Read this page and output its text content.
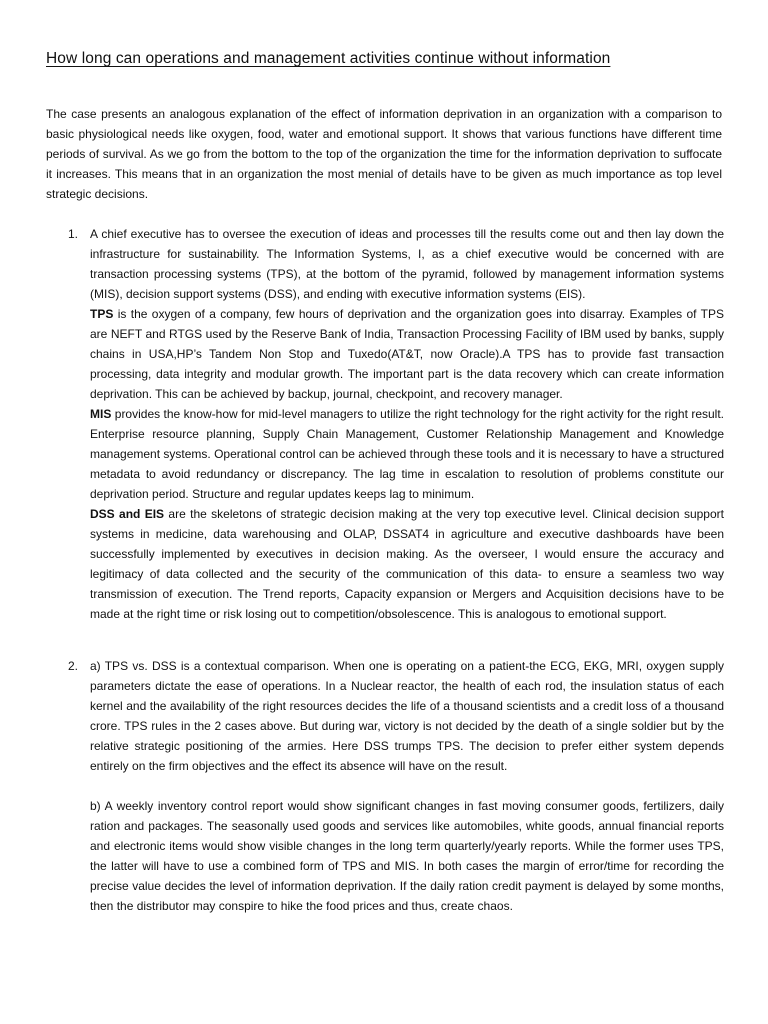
How long can operations and management activities continue without information
The case presents an analogous explanation of the effect of information deprivation in an organization with a comparison to basic physiological needs like oxygen, food, water and emotional support. It shows that various functions have different time periods of survival. As we go from the bottom to the top of the organization the time for the information deprivation to suffocate it increases. This means that in an organization the most menial of details have to be given as much importance as top level strategic decisions.
1. A chief executive has to oversee the execution of ideas and processes till the results come out and then lay down the infrastructure for sustainability. The Information Systems, I, as a chief executive would be concerned with are transaction processing systems (TPS), at the bottom of the pyramid, followed by management information systems (MIS), decision support systems (DSS), and ending with executive information systems (EIS).

TPS is the oxygen of a company, few hours of deprivation and the organization goes into disarray. Examples of TPS are NEFT and RTGS used by the Reserve Bank of India, Transaction Processing Facility of IBM used by banks, supply chains in USA,HP’s Tandem Non Stop and Tuxedo(AT&T, now Oracle).A TPS has to provide fast transaction processing, data integrity and modular growth. The important part is the data recovery which can create information deprivation. This can be achieved by backup, journal, checkpoint, and recovery manager.

MIS provides the know-how for mid-level managers to utilize the right technology for the right activity for the right result. Enterprise resource planning, Supply Chain Management, Customer Relationship Management and Knowledge management systems. Operational control can be achieved through these tools and it is necessary to have a structured metadata to avoid redundancy or discrepancy. The lag time in escalation to resolution of problems constitute our deprivation period. Structure and regular updates keeps lag to minimum.

DSS and EIS are the skeletons of strategic decision making at the very top executive level. Clinical decision support systems in medicine, data warehousing and OLAP, DSSAT4 in agriculture and executive dashboards have been successfully implemented by executives in decision making. As the overseer, I would ensure the accuracy and legitimacy of data collected and the security of the communication of this data- to ensure a seamless two way transmission of execution. The Trend reports, Capacity expansion or Mergers and Acquisition decisions have to be made at the right time or risk losing out to competition/obsolescence. This is analogous to emotional support.

2. a) TPS vs. DSS is a contextual comparison. When one is operating on a patient-the ECG, EKG, MRI, oxygen supply parameters dictate the ease of operations. In a Nuclear reactor, the health of each rod, the insulation status of each kernel and the availability of the right resources decides the life of a thousand scientists and a credit loss of a thousand crore. TPS rules in the 2 cases above. But during war, victory is not decided by the death of a single soldier but by the relative strategic positioning of the armies. Here DSS trumps TPS. The decision to prefer either system depends entirely on the firm objectives and the effect its absence will have on the result.

b) A weekly inventory control report would show significant changes in fast moving consumer goods, fertilizers, daily ration and packages. The seasonally used goods and services like automobiles, white goods, annual financial reports and electronic items would show visible changes in the long term quarterly/yearly reports. While the former uses TPS, the latter will have to use a combined form of TPS and MIS. In both cases the margin of error/time for recording the precise value decides the level of information deprivation. If the daily ration credit payment is delayed by some months, then the distributor may conspire to hike the food prices and thus, create chaos.
